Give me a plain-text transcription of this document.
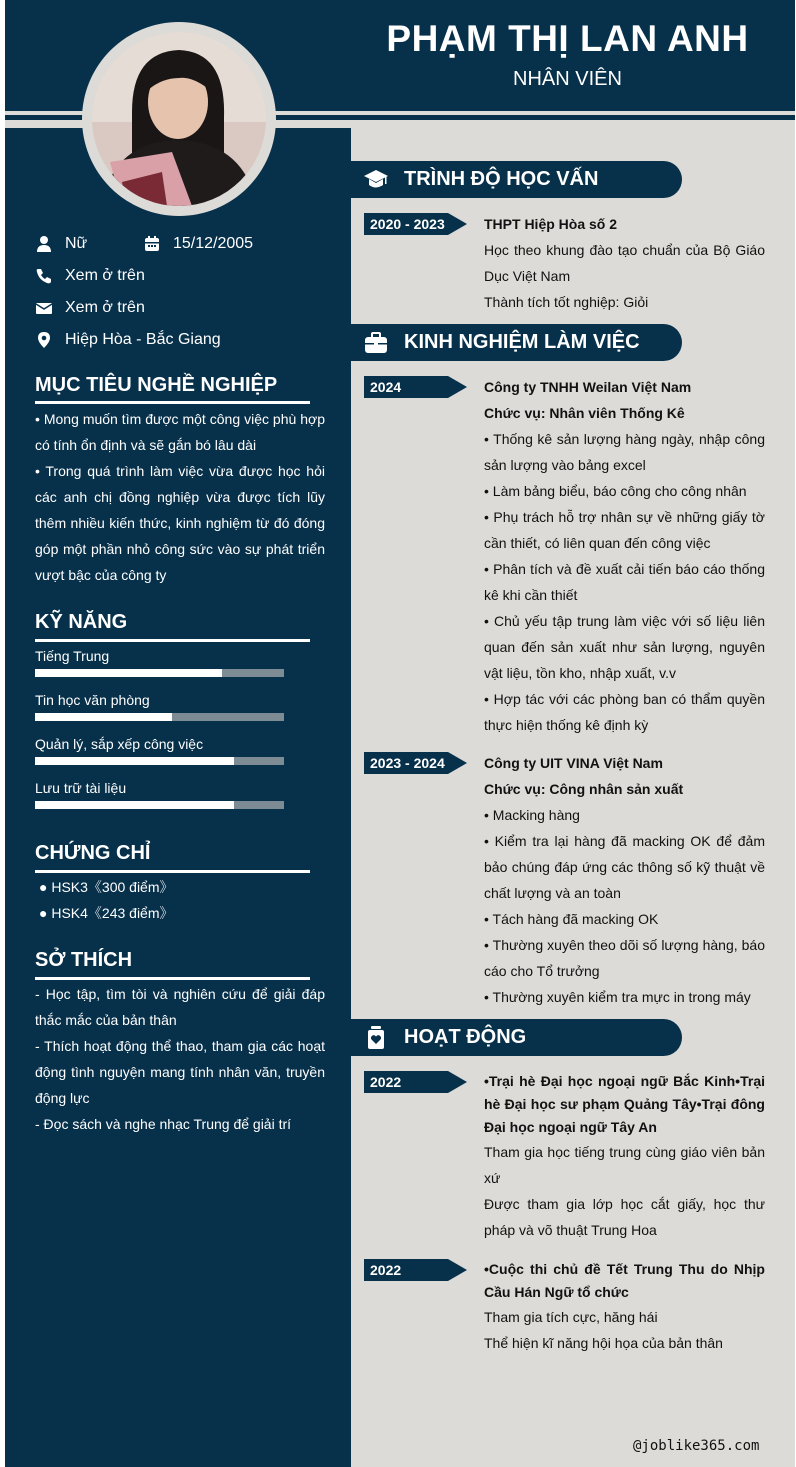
PHẠM THỊ LAN ANH
NHÂN VIÊN
Nữ	15/12/2005
Xem ở trên
Xem ở trên
Hiệp Hòa - Bắc Giang
MỤC TIÊU NGHỀ NGHIỆP
• Mong muốn tìm được một công việc phù hợp có tính ổn định và sẽ gắn bó lâu dài
• Trong quá trình làm việc vừa được học hỏi các anh chị đồng nghiệp vừa được tích lũy thêm nhiều kiến thức, kinh nghiệm từ đó đóng góp một phần nhỏ công sức vào sự phát triển vượt bậc của công ty
KỸ NĂNG
Tiếng Trung
Tin học văn phòng
Quản lý, sắp xếp công việc
Lưu trữ tài liệu
CHỨNG CHỈ
● HSK3《300 điểm》
● HSK4《243 điểm》
SỞ THÍCH
- Học tập, tìm tòi và nghiên cứu để giải đáp thắc mắc của bản thân
- Thích hoạt động thể thao, tham gia các hoạt động tình nguyện mang tính nhân văn, truyền động lực
- Đọc sách và nghe nhạc Trung để giải trí
TRÌNH ĐỘ HỌC VẤN
2020 - 2023	THPT Hiệp Hòa số 2
Học theo khung đào tạo chuẩn của Bộ Giáo Dục Việt Nam
Thành tích tốt nghiệp: Giỏi
KINH NGHIỆM LÀM VIỆC
2024	Công ty TNHH Weilan Việt Nam
Chức vụ: Nhân viên Thống Kê
• Thống kê sản lượng hàng ngày, nhập công sản lượng vào bảng excel
• Làm bảng biểu, báo công cho công nhân
• Phụ trách hỗ trợ nhân sự về những giấy tờ cần thiết, có liên quan đến công việc
• Phân tích và đề xuất cải tiến báo cáo thống kê khi cần thiết
• Chủ yếu tập trung làm việc với số liệu liên quan đến sản xuất như sản lượng, nguyên vật liệu, tồn kho, nhập xuất, v.v
• Hợp tác với các phòng ban có thẩm quyền thực hiện thống kê định kỳ
2023 - 2024	Công ty UIT VINA Việt Nam
Chức vụ: Công nhân sản xuất
• Macking hàng
• Kiểm tra lại hàng đã macking OK để đảm bảo chúng đáp ứng các thông số kỹ thuật về chất lượng và an toàn
• Tách hàng đã macking OK
• Thường xuyên theo dõi số lượng hàng, báo cáo cho Tổ trưởng
• Thường xuyên kiểm tra mực in trong máy
HOẠT ĐỘNG
2022	•Trại hè Đại học ngoại ngữ Bắc Kinh•Trại hè Đại học sư phạm Quảng Tây•Trại đông Đại học ngoại ngữ Tây An
Tham gia học tiếng trung cùng giáo viên bản xứ
Được tham gia lớp học cắt giấy, học thư pháp và võ thuật Trung Hoa
2022	•Cuộc thi chủ đề Tết Trung Thu do Nhịp Cầu Hán Ngữ tổ chức
Tham gia tích cực, hăng hái
Thể hiện kĩ năng hội họa của bản thân
@joblike365.com
